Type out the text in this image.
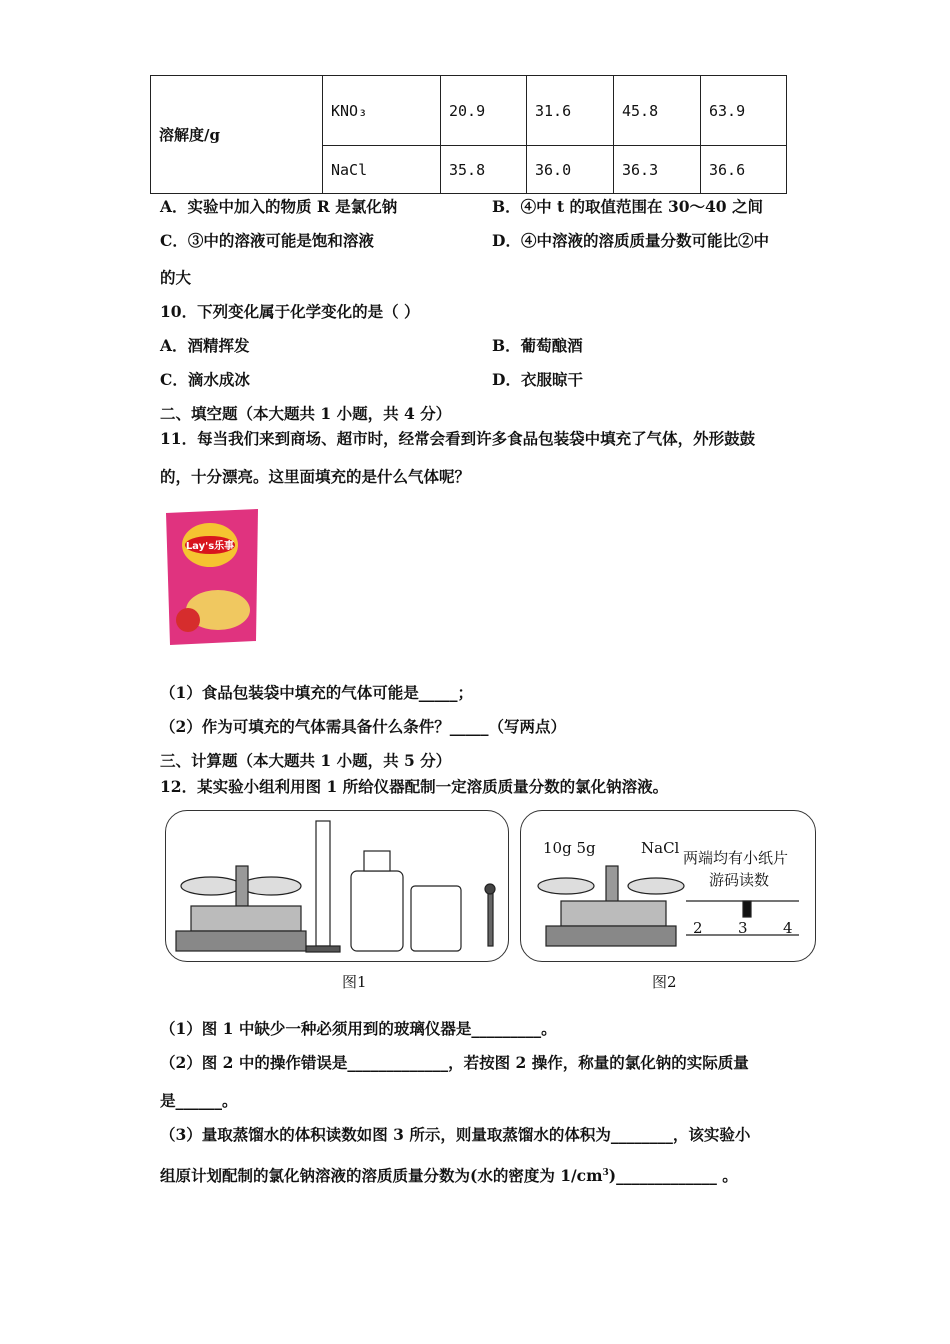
溶解度/g	KNO₃	20.9	31.6	45.8	63.9
	NaCl	35.8	36.0	36.3	36.6
A．实验中加入的物质 R 是氯化钠	B．④中 t 的取值范围在 30～40 之间
C．③中的溶液可能是饱和溶液	D．④中溶液的溶质质量分数可能比②中
的大
10．下列变化属于化学变化的是（ ）
A．酒精挥发	B．葡萄酿酒
C．滴水成冰	D．衣服晾干
二、填空题（本大题共 1 小题，共 4 分）
11．每当我们来到商场、超市时，经常会看到许多食品包装袋中填充了气体，外形鼓鼓
的，十分漂亮。这里面填充的是什么气体呢？
Lay's乐事
（1）食品包装袋中填充的气体可能是_____；
（2）作为可填充的气体需具备什么条件？_____（写两点）
三、计算题（本大题共 1 小题，共 5 分）
12．某实验小组利用图 1 所给仪器配制一定溶质质量分数的氯化钠溶液。
10g 5g	NaCl
两端均有小纸片
游码读数
2 3 4
图1	图2
（1）图 1 中缺少一种必须用到的玻璃仪器是_________。
（2）图 2 中的操作错误是_____________，若按图 2 操作，称量的氯化钠的实际质量
是______。
（3）量取蒸馏水的体积读数如图 3 所示，则量取蒸馏水的体积为________，该实验小
组原计划配制的氯化钠溶液的溶质质量分数为(水的密度为 $1/cm^3)\_\_\_\_\_\_\_\_\_\_\_\_\_$ 。
